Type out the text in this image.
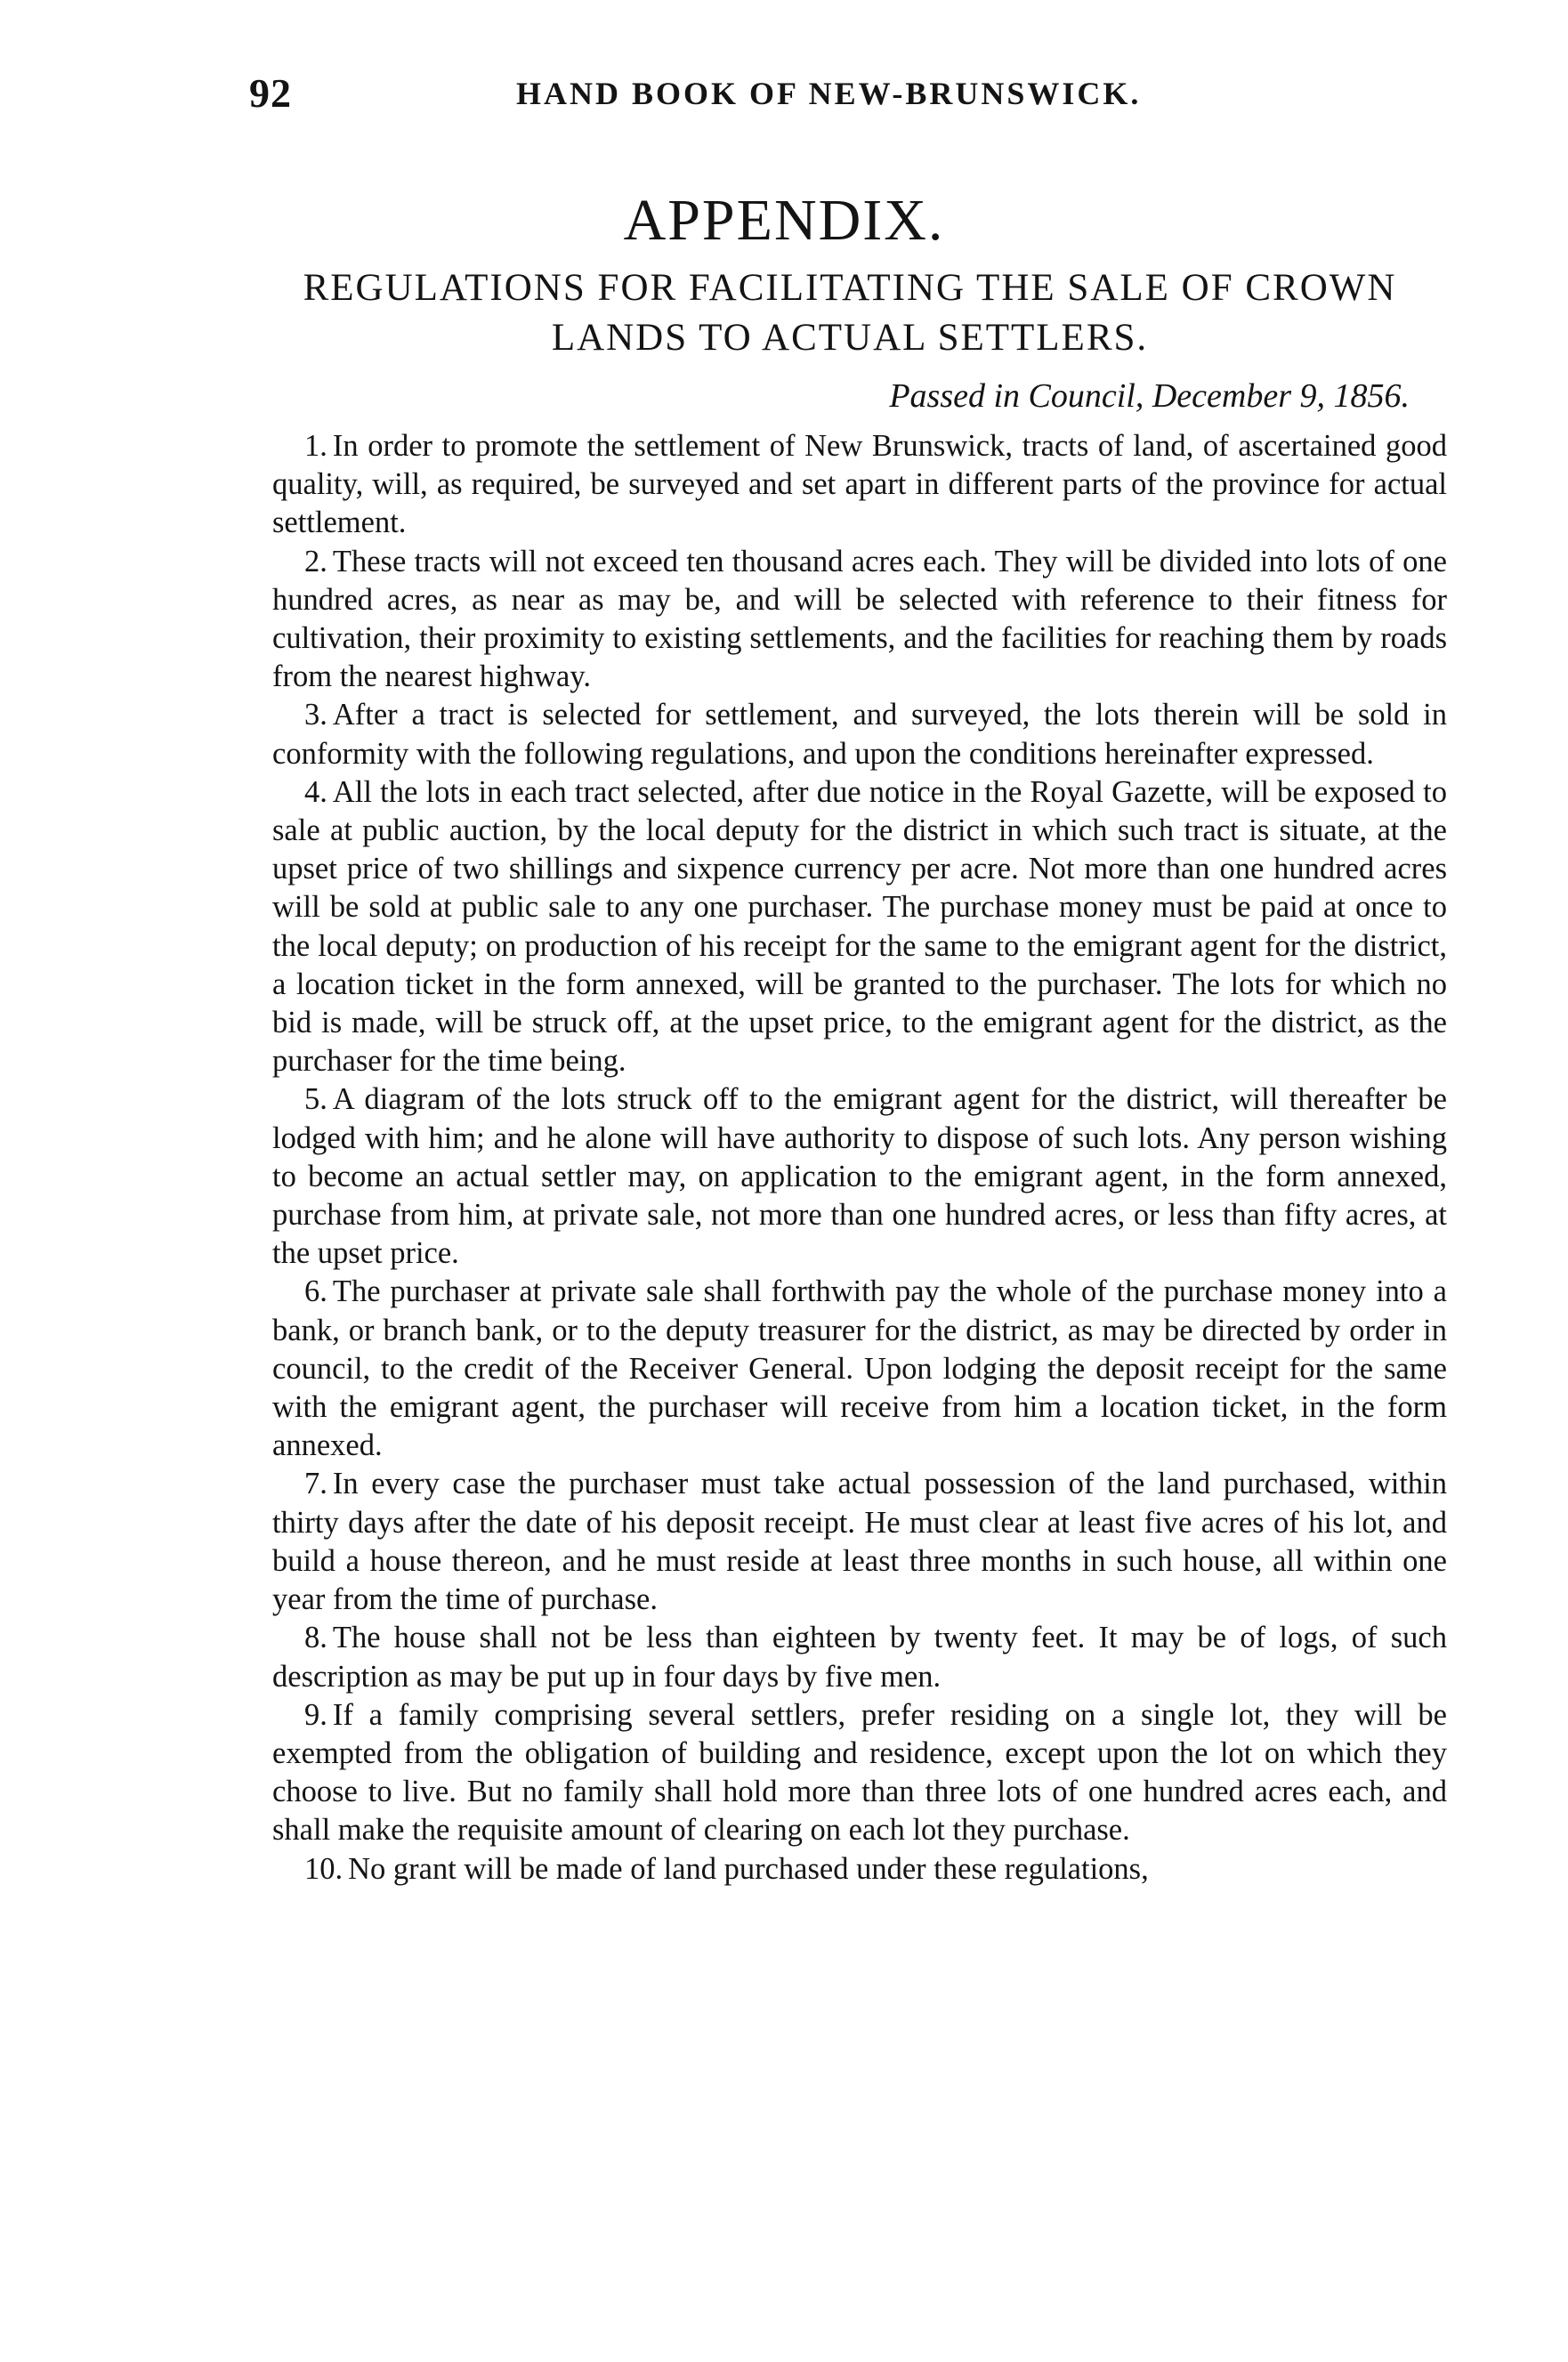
92	HAND BOOK OF NEW-BRUNSWICK.
APPENDIX.
REGULATIONS FOR FACILITATING THE SALE OF CROWN LANDS TO ACTUAL SETTLERS.
Passed in Council, December 9, 1856.

1. In order to promote the settlement of New Brunswick, tracts of land, of ascertained good quality, will, as required, be surveyed and set apart in different parts of the province for actual settlement.

2. These tracts will not exceed ten thousand acres each. They will be divided into lots of one hundred acres, as near as may be, and will be selected with reference to their fitness for cultivation, their proximity to existing settlements, and the facilities for reaching them by roads from the nearest highway.

3. After a tract is selected for settlement, and surveyed, the lots therein will be sold in conformity with the following regulations, and upon the conditions hereinafter expressed.

4. All the lots in each tract selected, after due notice in the Royal Gazette, will be exposed to sale at public auction, by the local deputy for the district in which such tract is situate, at the upset price of two shillings and sixpence currency per acre. Not more than one hundred acres will be sold at public sale to any one purchaser. The purchase money must be paid at once to the local deputy; on production of his receipt for the same to the emigrant agent for the district, a location ticket in the form annexed, will be granted to the purchaser. The lots for which no bid is made, will be struck off, at the upset price, to the emigrant agent for the district, as the purchaser for the time being.

5. A diagram of the lots struck off to the emigrant agent for the district, will thereafter be lodged with him; and he alone will have authority to dispose of such lots. Any person wishing to become an actual settler may, on application to the emigrant agent, in the form annexed, purchase from him, at private sale, not more than one hundred acres, or less than fifty acres, at the upset price.

6. The purchaser at private sale shall forthwith pay the whole of the purchase money into a bank, or branch bank, or to the deputy treasurer for the district, as may be directed by order in council, to the credit of the Receiver General. Upon lodging the deposit receipt for the same with the emigrant agent, the purchaser will receive from him a location ticket, in the form annexed.

7. In every case the purchaser must take actual possession of the land purchased, within thirty days after the date of his deposit receipt. He must clear at least five acres of his lot, and build a house thereon, and he must reside at least three months in such house, all within one year from the time of purchase.

8. The house shall not be less than eighteen by twenty feet. It may be of logs, of such description as may be put up in four days by five men.

9. If a family comprising several settlers, prefer residing on a single lot, they will be exempted from the obligation of building and residence, except upon the lot on which they choose to live. But no family shall hold more than three lots of one hundred acres each, and shall make the requisite amount of clearing on each lot they purchase.

10. No grant will be made of land purchased under these regulations,
